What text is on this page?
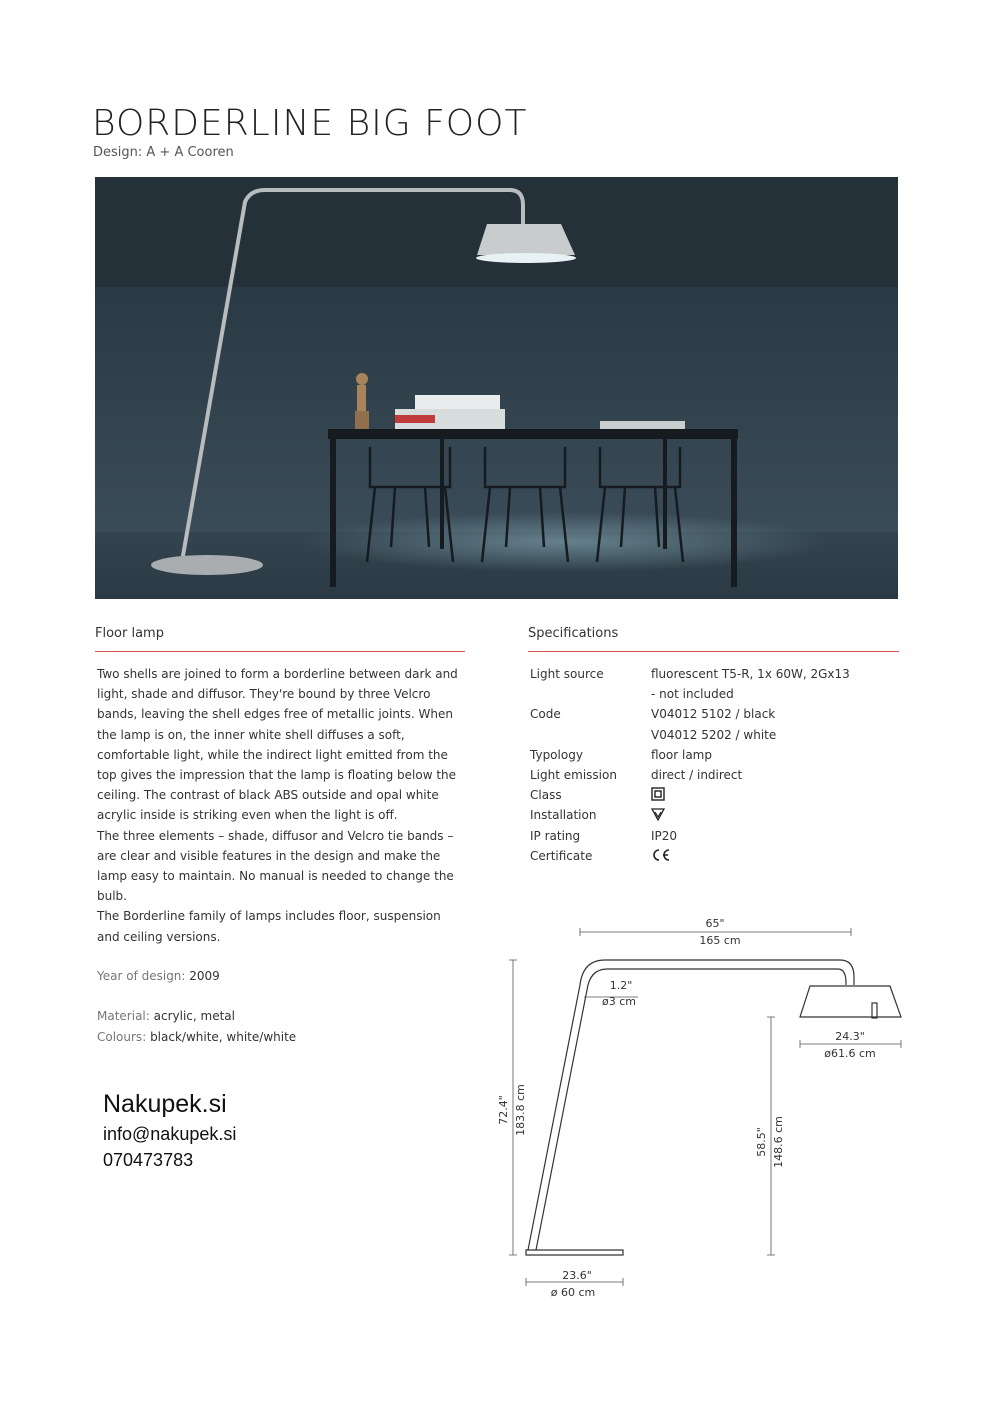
BORDERLINE BIG FOOT
Design: A + A Cooren
Floor lamp

Two shells are joined to form a borderline between dark and light, shade and diffusor. They're bound by three Velcro bands, leaving the shell edges free of metallic joints. When the lamp is on, the inner white shell diffuses a soft, comfortable light, while the indirect light emitted from the top gives the impression that the lamp is floating below the ceiling. The contrast of black ABS outside and opal white acrylic inside is striking even when the light is off.

The three elements – shade, diffusor and Velcro tie bands – are clear and visible features in the design and make the lamp easy to maintain. No manual is needed to change the bulb.

The Borderline family of lamps includes floor, suspension and ceiling versions.

Year of design: 2009
Material: acrylic, metal
Colours: black/white, white/white
Nakupek.si
info@nakupek.si
070473783
Specifications
Light source	fluorescent T5-R, 1x 60W, 2Gx13
	- not included
Code	V04012 5102 / black
	V04012 5202 / white
Typology	floor lamp
Light emission	direct / indirect
Class	
Installation	
IP rating	IP20
Certificate	
65"
165 cm
1.2"
ø3 cm
24.3"
ø61.6 cm
72.4" 183.8 cm
58.5" 148.6 cm
23.6"
ø 60 cm
